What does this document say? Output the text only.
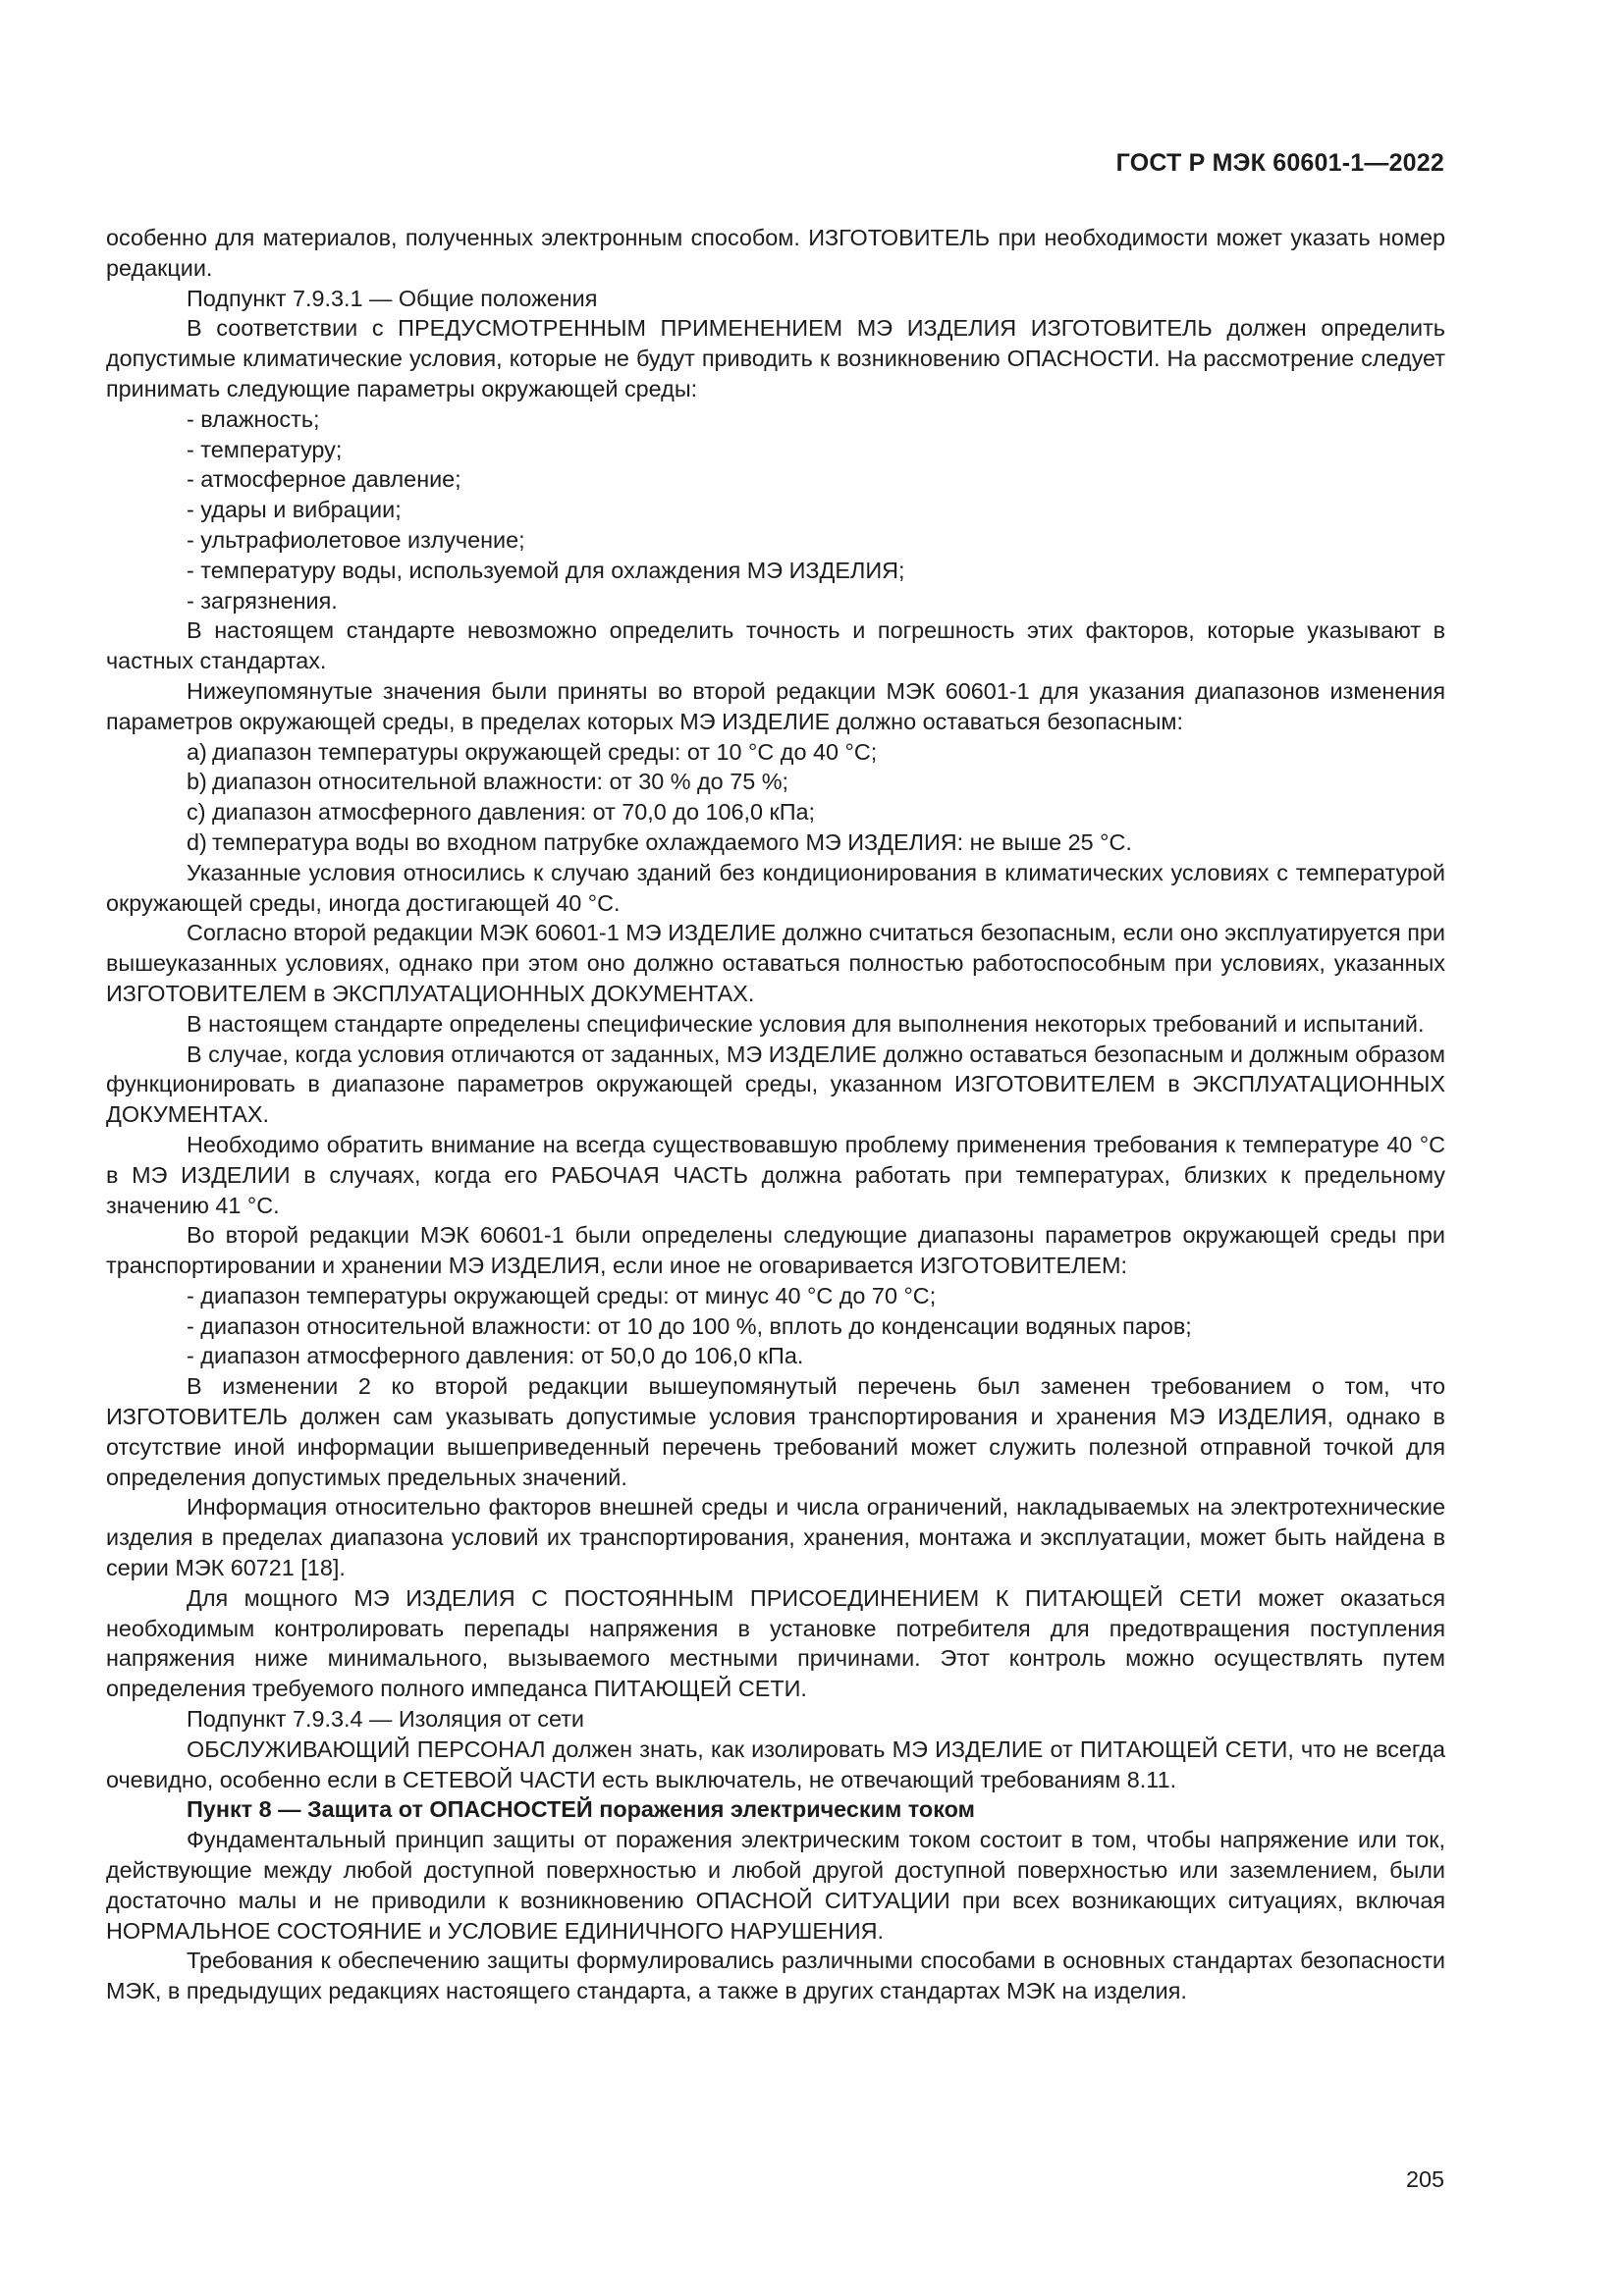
ГОСТ Р МЭК 60601-1—2022

особенно для материалов, полученных электронным способом. ИЗГОТОВИТЕЛЬ при необходимости может указать номер редакции.

Подпункт 7.9.3.1 — Общие положения

В соответствии с ПРЕДУСМОТРЕННЫМ ПРИМЕНЕНИЕМ МЭ ИЗДЕЛИЯ ИЗГОТОВИТЕЛЬ должен определить допустимые климатические условия, которые не будут приводить к возникновению ОПАСНОСТИ. На рассмотрение следует принимать следующие параметры окружающей среды:

- влажность;
- температуру;
- атмосферное давление;
- удары и вибрации;
- ультрафиолетовое излучение;
- температуру воды, используемой для охлаждения МЭ ИЗДЕЛИЯ;
- загрязнения.

В настоящем стандарте невозможно определить точность и погрешность этих факторов, которые указывают в частных стандартах.

Нижеупомянутые значения были приняты во второй редакции МЭК 60601-1 для указания диапазонов изменения параметров окружающей среды, в пределах которых МЭ ИЗДЕЛИЕ должно оставаться безопасным:

a) диапазон температуры окружающей среды: от 10 °C до 40 °C;
b) диапазон относительной влажности: от 30 % до 75 %;
c) диапазон атмосферного давления: от 70,0 до 106,0 кПа;
d) температура воды во входном патрубке охлаждаемого МЭ ИЗДЕЛИЯ: не выше 25 °C.

Указанные условия относились к случаю зданий без кондиционирования в климатических условиях с температурой окружающей среды, иногда достигающей 40 °C.

Согласно второй редакции МЭК 60601-1 МЭ ИЗДЕЛИЕ должно считаться безопасным, если оно эксплуатируется при вышеуказанных условиях, однако при этом оно должно оставаться полностью работоспособным при условиях, указанных ИЗГОТОВИТЕЛЕМ в ЭКСПЛУАТАЦИОННЫХ ДОКУМЕНТАХ.

В настоящем стандарте определены специфические условия для выполнения некоторых требований и испытаний.

В случае, когда условия отличаются от заданных, МЭ ИЗДЕЛИЕ должно оставаться безопасным и должным образом функционировать в диапазоне параметров окружающей среды, указанном ИЗГОТОВИТЕЛЕМ в ЭКСПЛУАТАЦИОННЫХ ДОКУМЕНТАХ.

Необходимо обратить внимание на всегда существовавшую проблему применения требования к температуре 40 °C в МЭ ИЗДЕЛИИ в случаях, когда его РАБОЧАЯ ЧАСТЬ должна работать при температурах, близких к предельному значению 41 °C.

Во второй редакции МЭК 60601-1 были определены следующие диапазоны параметров окружающей среды при транспортировании и хранении МЭ ИЗДЕЛИЯ, если иное не оговаривается ИЗГОТОВИТЕЛЕМ:

- диапазон температуры окружающей среды: от минус 40 °C до 70 °C;
- диапазон относительной влажности: от 10 до 100 %, вплоть до конденсации водяных паров;
- диапазон атмосферного давления: от 50,0 до 106,0 кПа.

В изменении 2 ко второй редакции вышеупомянутый перечень был заменен требованием о том, что ИЗГОТОВИТЕЛЬ должен сам указывать допустимые условия транспортирования и хранения МЭ ИЗДЕЛИЯ, однако в отсутствие иной информации вышеприведенный перечень требований может служить полезной отправной точкой для определения допустимых предельных значений.

Информация относительно факторов внешней среды и числа ограничений, накладываемых на электротехнические изделия в пределах диапазона условий их транспортирования, хранения, монтажа и эксплуатации, может быть найдена в серии МЭК 60721 [18].

Для мощного МЭ ИЗДЕЛИЯ С ПОСТОЯННЫМ ПРИСОЕДИНЕНИЕМ К ПИТАЮЩЕЙ СЕТИ может оказаться необходимым контролировать перепады напряжения в установке потребителя для предотвращения поступления напряжения ниже минимального, вызываемого местными причинами. Этот контроль можно осуществлять путем определения требуемого полного импеданса ПИТАЮЩЕЙ СЕТИ.

Подпункт 7.9.3.4 — Изоляция от сети

ОБСЛУЖИВАЮЩИЙ ПЕРСОНАЛ должен знать, как изолировать МЭ ИЗДЕЛИЕ от ПИТАЮЩЕЙ СЕТИ, что не всегда очевидно, особенно если в СЕТЕВОЙ ЧАСТИ есть выключатель, не отвечающий требованиям 8.11.

Пункт 8 — Защита от ОПАСНОСТЕЙ поражения электрическим током

Фундаментальный принцип защиты от поражения электрическим током состоит в том, чтобы напряжение или ток, действующие между любой доступной поверхностью и любой другой доступной поверхностью или заземлением, были достаточно малы и не приводили к возникновению ОПАСНОЙ СИТУАЦИИ при всех возникающих ситуациях, включая НОРМАЛЬНОЕ СОСТОЯНИЕ и УСЛОВИЕ ЕДИНИЧНОГО НАРУШЕНИЯ.

Требования к обеспечению защиты формулировались различными способами в основных стандартах безопасности МЭК, в предыдущих редакциях настоящего стандарта, а также в других стандартах МЭК на изделия.

205
